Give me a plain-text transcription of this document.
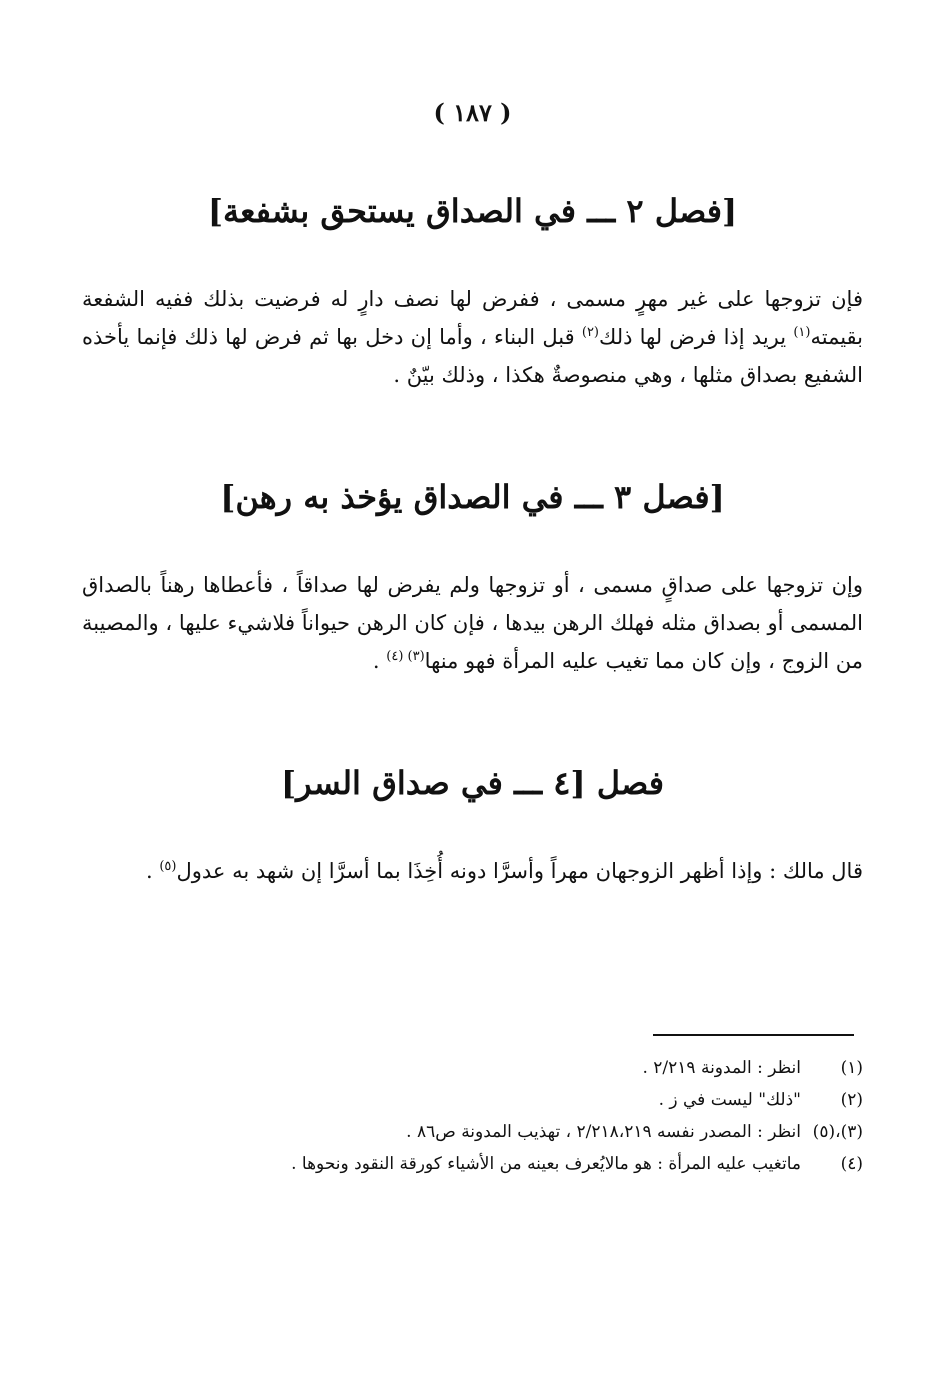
( ١٨٧ )
[فصل ٢ ـــ في الصداق يستحق بشفعة]

فإن تزوجها على غير مهرٍ مسمى ، ففرض لها نصف دارٍ له فرضيت بذلك ففيه الشفعة بقيمته$^{(١)}$ يريد إذا فرض لها ذلك$^{(٢)}$ قبل البناء ، وأما إن دخل بها ثم فرض لها ذلك فإنما يأخذه الشفيع بصداق مثلها ، وهي منصوصةٌ هكذا ، وذلك بيّنٌ .

[فصل ٣ ـــ في الصداق يؤخذ به رهن]

وإن تزوجها على صداقٍ مسمى ، أو تزوجها ولم يفرض لها صداقاً ، فأعطاها رهناً بالصداق المسمى أو بصداق مثله فهلك الرهن بيدها ، فإن كان الرهن حيواناً فلاشيء عليها ، والمصيبة من الزوج ، وإن كان مما تغيب عليه المرأة فهو منها$^{(٣) (٤)}$ .

فصل [٤ ـــ في صداق السر]

قال مالك : وإذا أظهر الزوجهان مهراً وأسرَّا دونه أُخِذَا بما أسرَّا إن شهد به عدول$^{(٥)}$ .

(١)
انظر : المدونة ٢/٢١٩ .
(٢)
"ذلك" ليست في ز .
(٣)،(٥)
انظر : المصدر نفسه ٢/٢١٨،٢١٩ ، تهذيب المدونة ص٨٦ .
(٤)
ماتغيب عليه المرأة : هو مالايُعرف بعينه من الأشياء كورقة النقود ونحوها .
